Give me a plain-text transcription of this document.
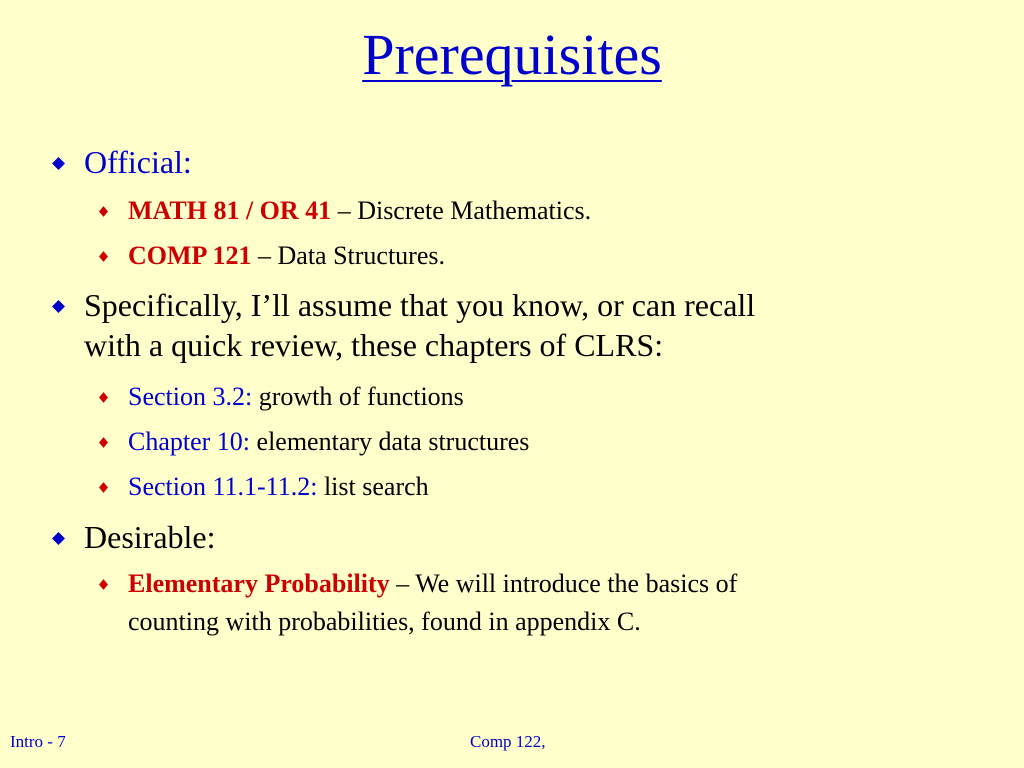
Prerequisites
Official:
MATH 81 / OR 41 – Discrete Mathematics.
COMP 121 – Data Structures.
Specifically, I’ll assume that you know, or can recall
with a quick review, these chapters of CLRS:
Section 3.2: growth of functions
Chapter 10: elementary data structures
Section 11.1-11.2: list search
Desirable:
Elementary Probability – We will introduce the basics of
counting with probabilities, found in appendix C.
Intro - 7	Comp 122,
